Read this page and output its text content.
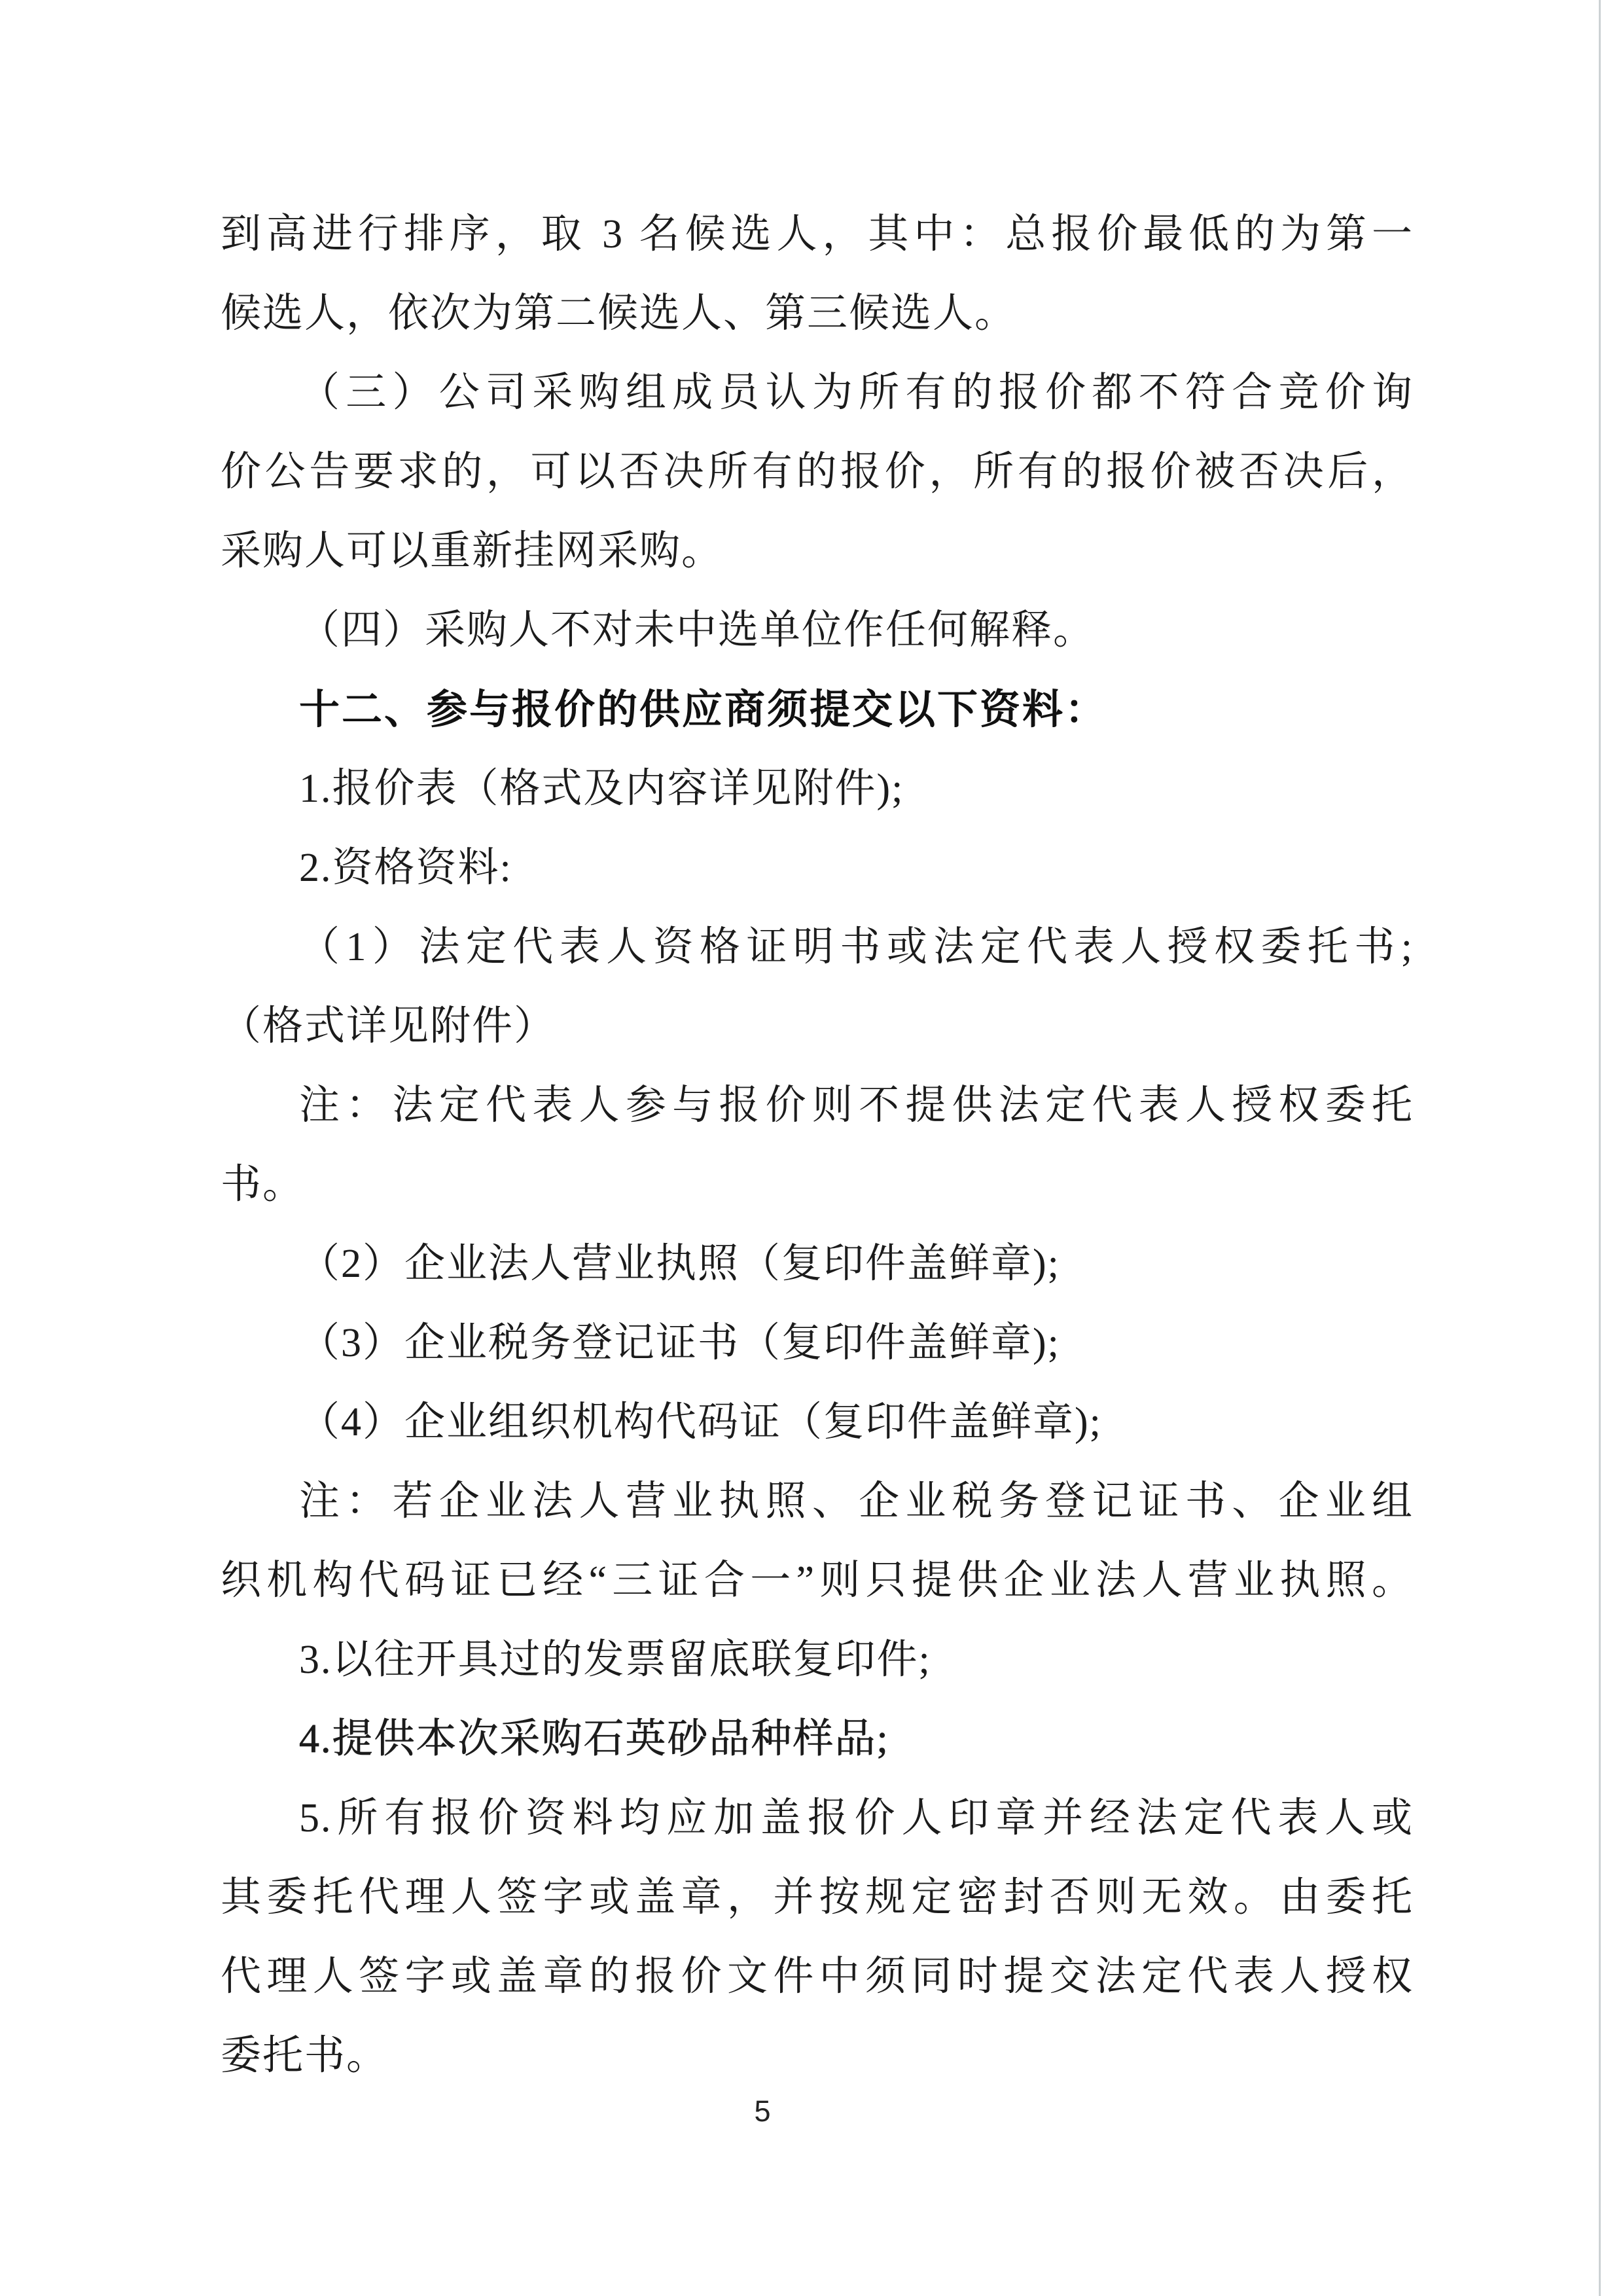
到高进行排序，取 3 名候选人，其中：总报价最低的为第一
候选人，依次为第二候选人、第三候选人。
（三）公司采购组成员认为所有的报价都不符合竞价询
价公告要求的，可以否决所有的报价，所有的报价被否决后，
采购人可以重新挂网采购。
（四）采购人不对未中选单位作任何解释。
十二、参与报价的供应商须提交以下资料：
1.报价表（格式及内容详见附件);
2.资格资料:
（1）法定代表人资格证明书或法定代表人授权委托书;
（格式详见附件）
注：法定代表人参与报价则不提供法定代表人授权委托
书。
（2）企业法人营业执照（复印件盖鲜章);
（3）企业税务登记证书（复印件盖鲜章);
（4）企业组织机构代码证（复印件盖鲜章);
注：若企业法人营业执照、企业税务登记证书、企业组
织机构代码证已经“三证合一”则只提供企业法人营业执照。
3.以往开具过的发票留底联复印件;
4.提供本次采购石英砂品种样品;
5.所有报价资料均应加盖报价人印章并经法定代表人或
其委托代理人签字或盖章，并按规定密封否则无效。由委托
代理人签字或盖章的报价文件中须同时提交法定代表人授权
委托书。
5
